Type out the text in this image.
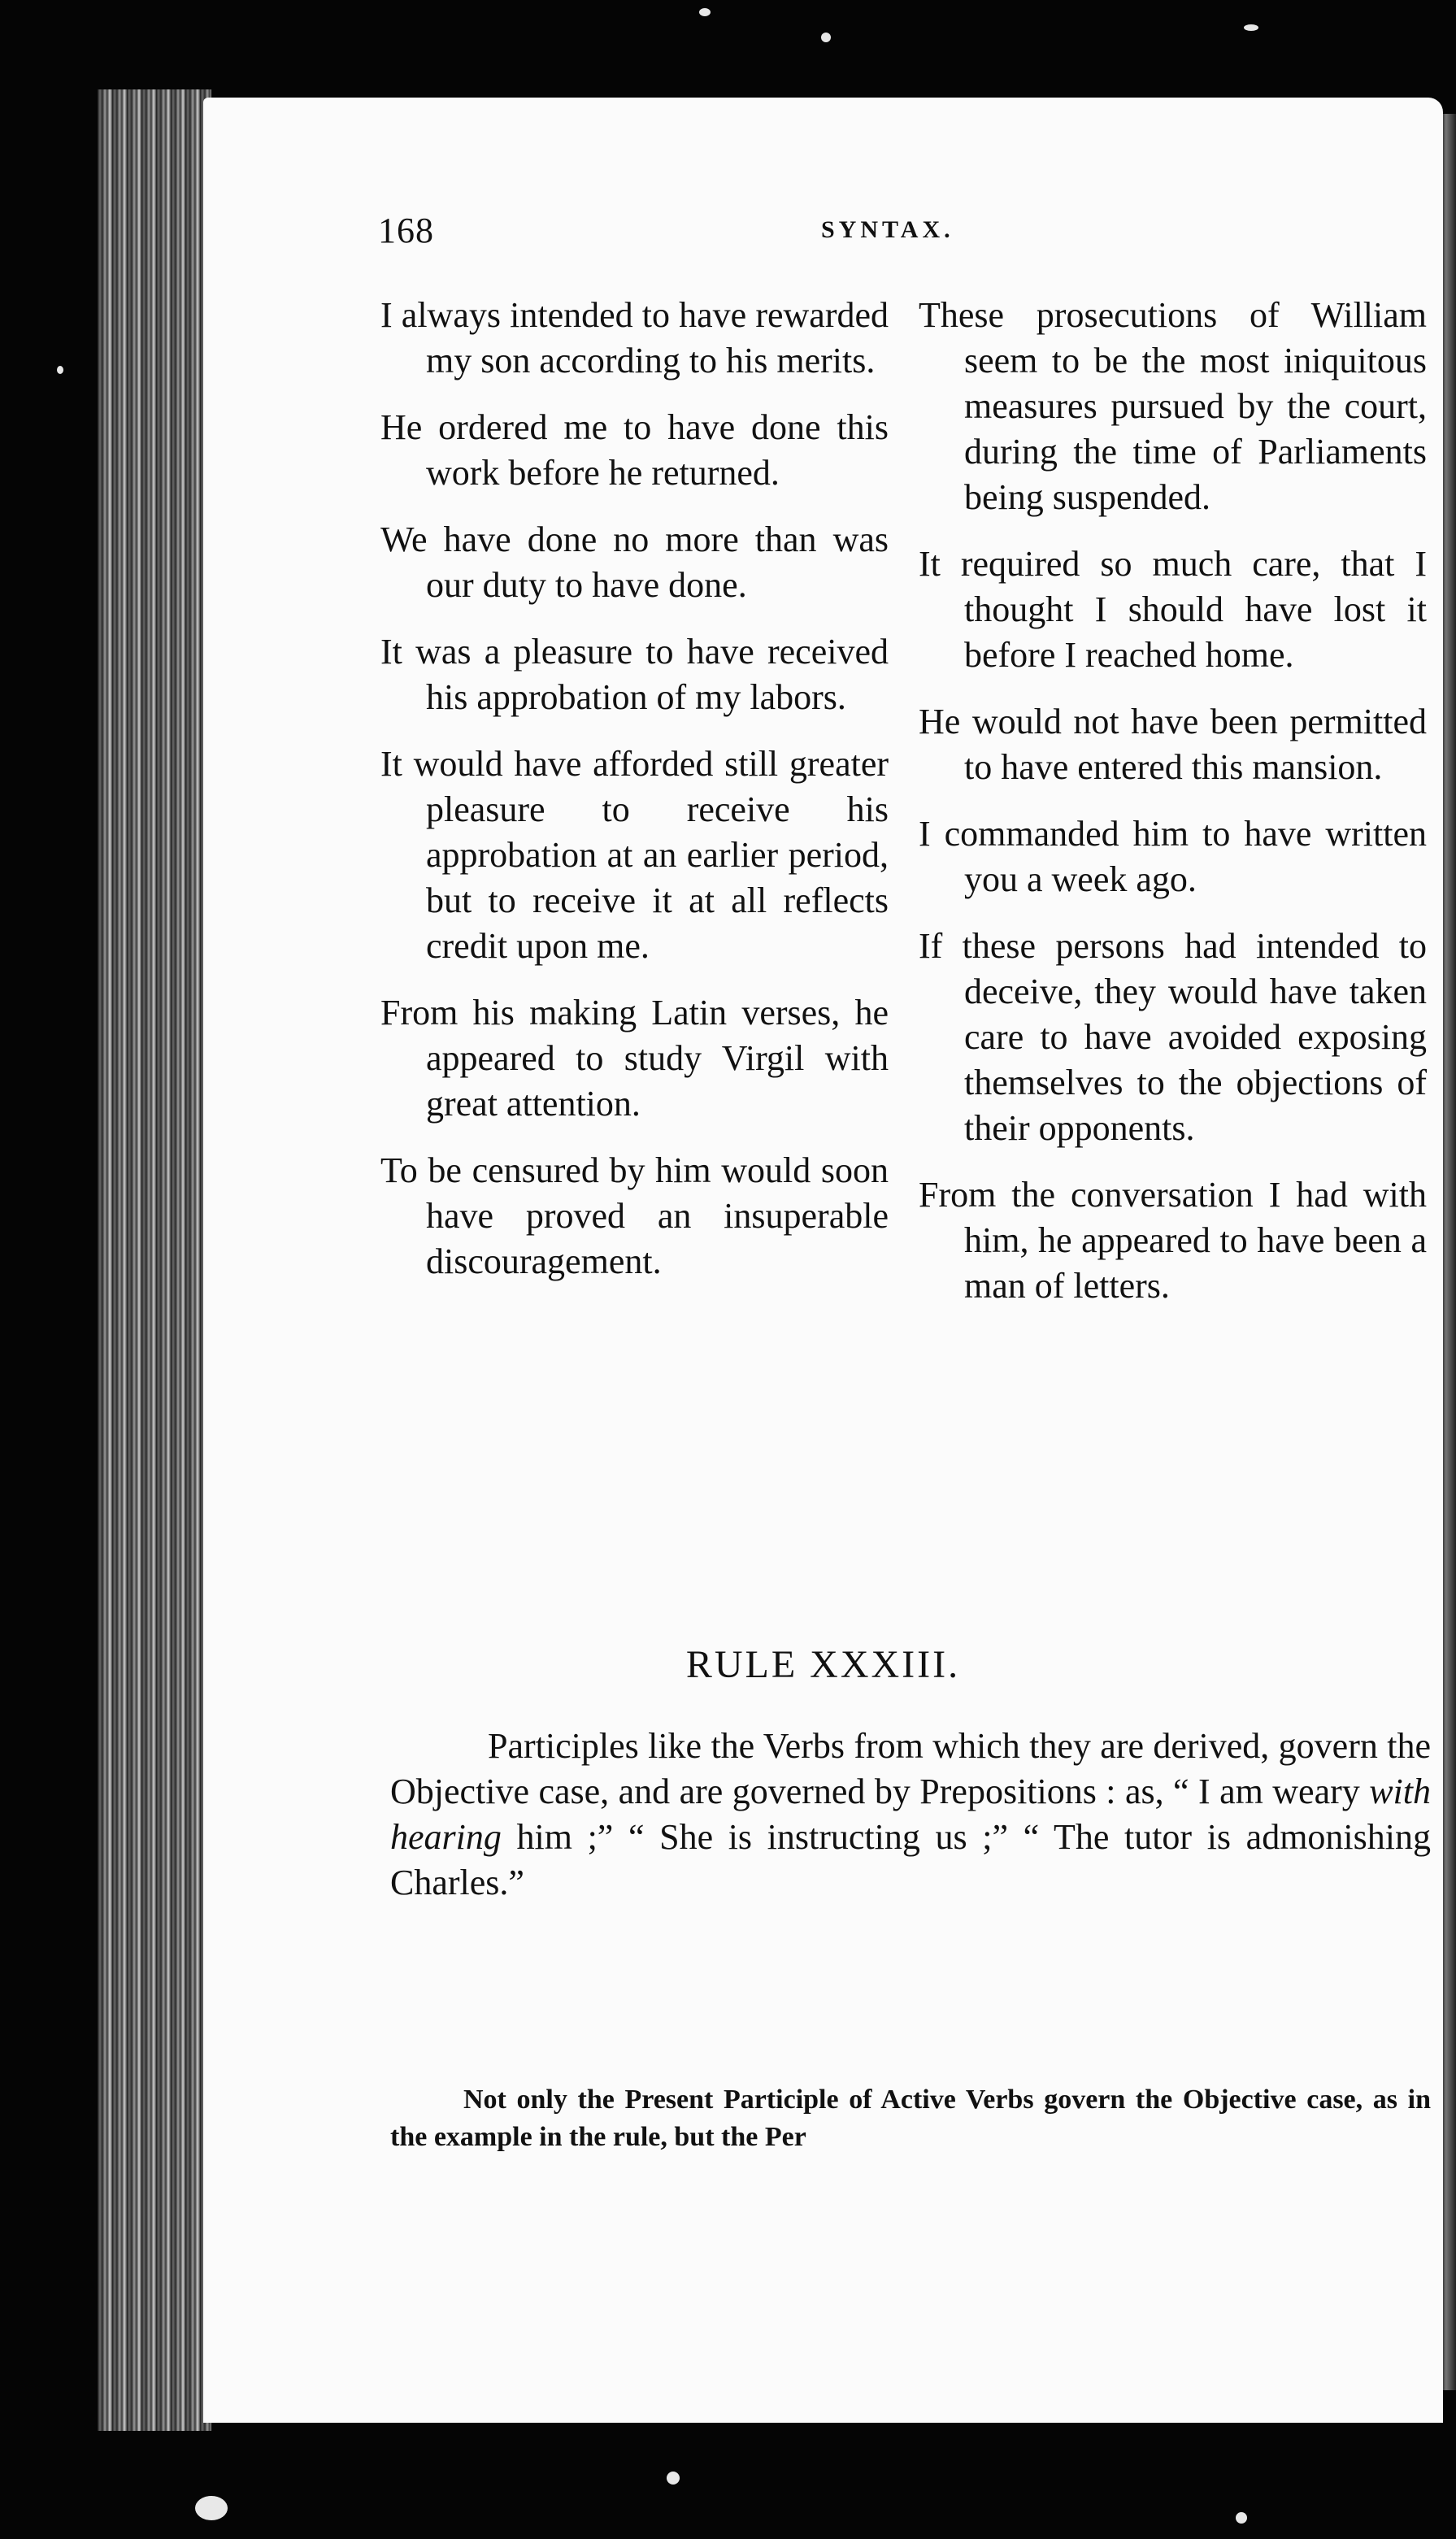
168	SYNTAX.

I always intended to have rewarded my son according to his merits.

He ordered me to have done this work before he returned.

We have done no more than was our duty to have done.

It was a pleasure to have received his approbation of my labors.

It would have afforded still greater pleasure to receive his approbation at an earlier period, but to receive it at all reflects credit upon me.

From his making Latin verses, he appeared to study Virgil with great attention.

To be censured by him would soon have proved an insuperable discouragement.

These prosecutions of William seem to be the most iniquitous measures pursued by the court, during the time of Parliaments being suspended.

It required so much care, that I thought I should have lost it before I reached home.

He would not have been permitted to have entered this mansion.

I commanded him to have written you a week ago.

If these persons had intended to deceive, they would have taken care to have avoided exposing themselves to the objections of their opponents.

From the conversation I had with him, he appeared to have been a man of letters.

RULE XXXIII.

Participles like the Verbs from which they are derived, govern the Objective case, and are governed by Prepositions : as, “ I am weary with hearing him ;” “ She is instructing us ;” “ The tutor is admonishing Charles.”

Not only the Present Participle of Active Verbs govern the Objective case, as in the example in the rule, but the Per
